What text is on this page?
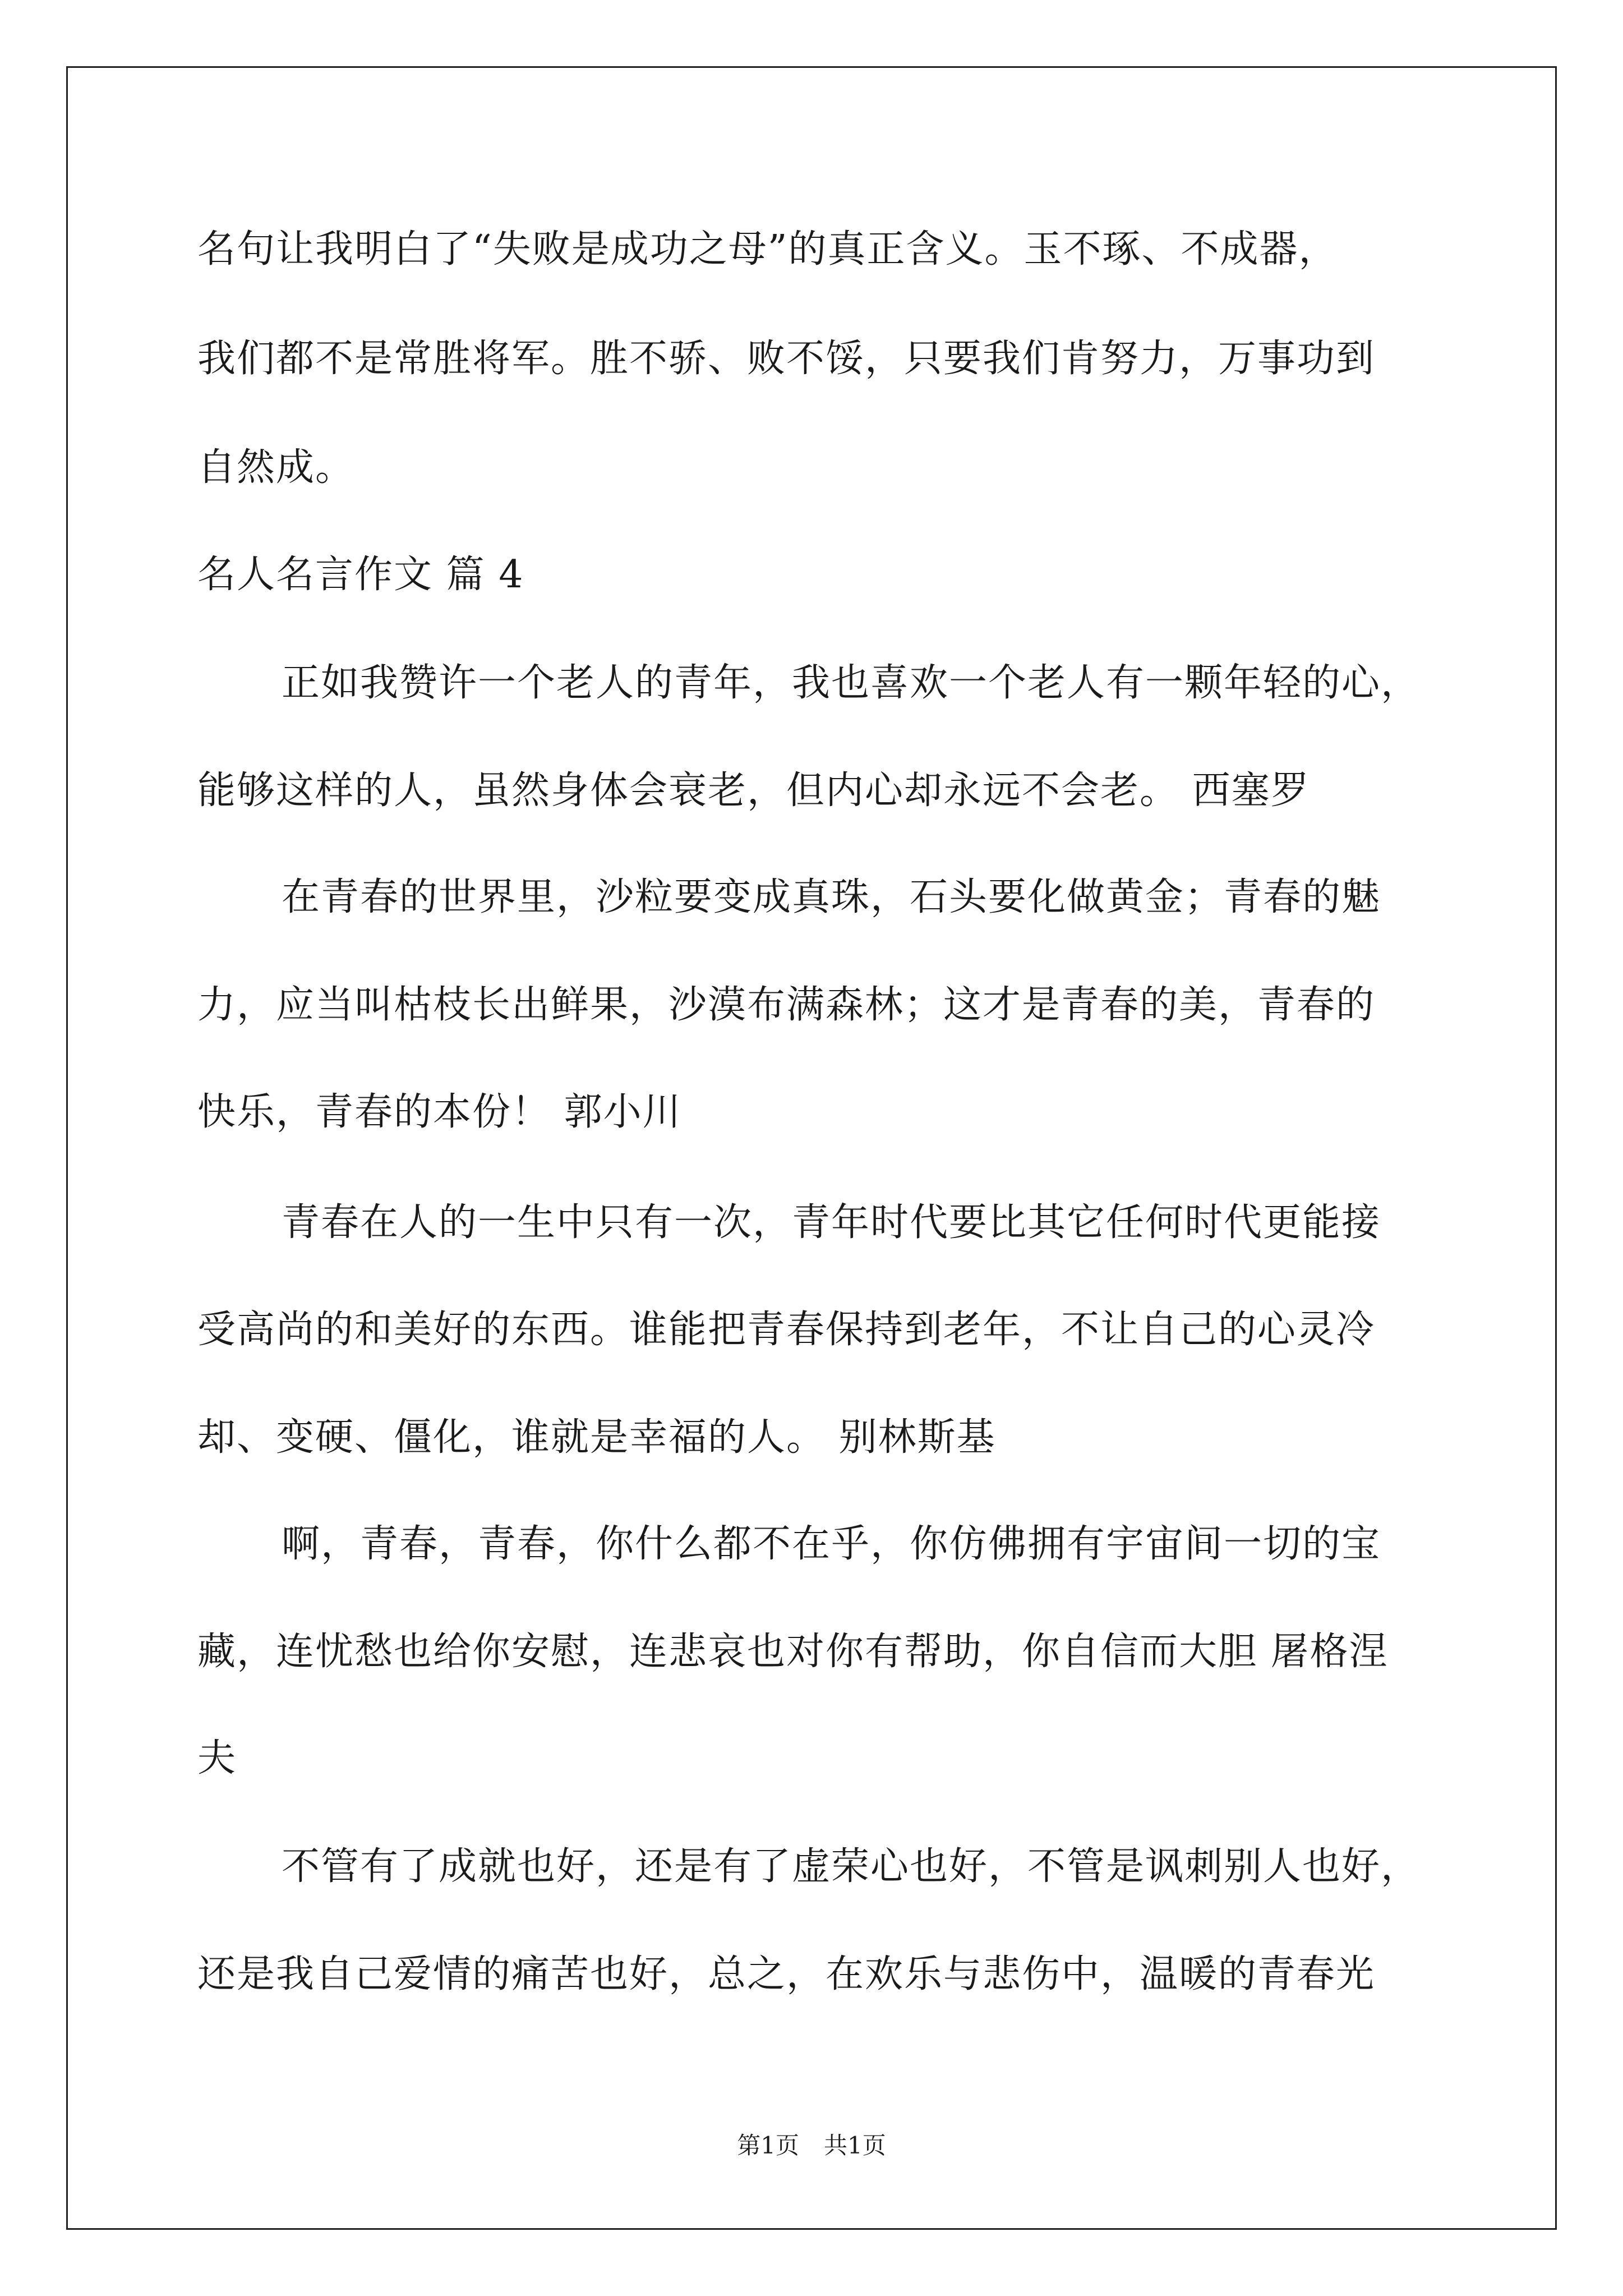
名句让我明白了“失败是成功之母”的真正含义。玉不琢、不成器，
我们都不是常胜将军。胜不骄、败不馁，只要我们肯努力，万事功到
自然成。
名人名言作文 篇 4
正如我赞许一个老人的青年，我也喜欢一个老人有一颗年轻的心，
能够这样的人，虽然身体会衰老，但内心却永远不会老。 西塞罗
在青春的世界里，沙粒要变成真珠，石头要化做黄金；青春的魅
力，应当叫枯枝长出鲜果，沙漠布满森林；这才是青春的美，青春的
快乐，青春的本份！ 郭小川
青春在人的一生中只有一次，青年时代要比其它任何时代更能接
受高尚的和美好的东西。谁能把青春保持到老年，不让自己的心灵冷
却、变硬、僵化，谁就是幸福的人。 别林斯基
啊，青春，青春，你什么都不在乎，你仿佛拥有宇宙间一切的宝
藏，连忧愁也给你安慰，连悲哀也对你有帮助，你自信而大胆 屠格涅
夫
不管有了成就也好，还是有了虚荣心也好，不管是讽刺别人也好，
还是我自己爱情的痛苦也好，总之，在欢乐与悲伤中，温暖的青春光
第1页 共1页
